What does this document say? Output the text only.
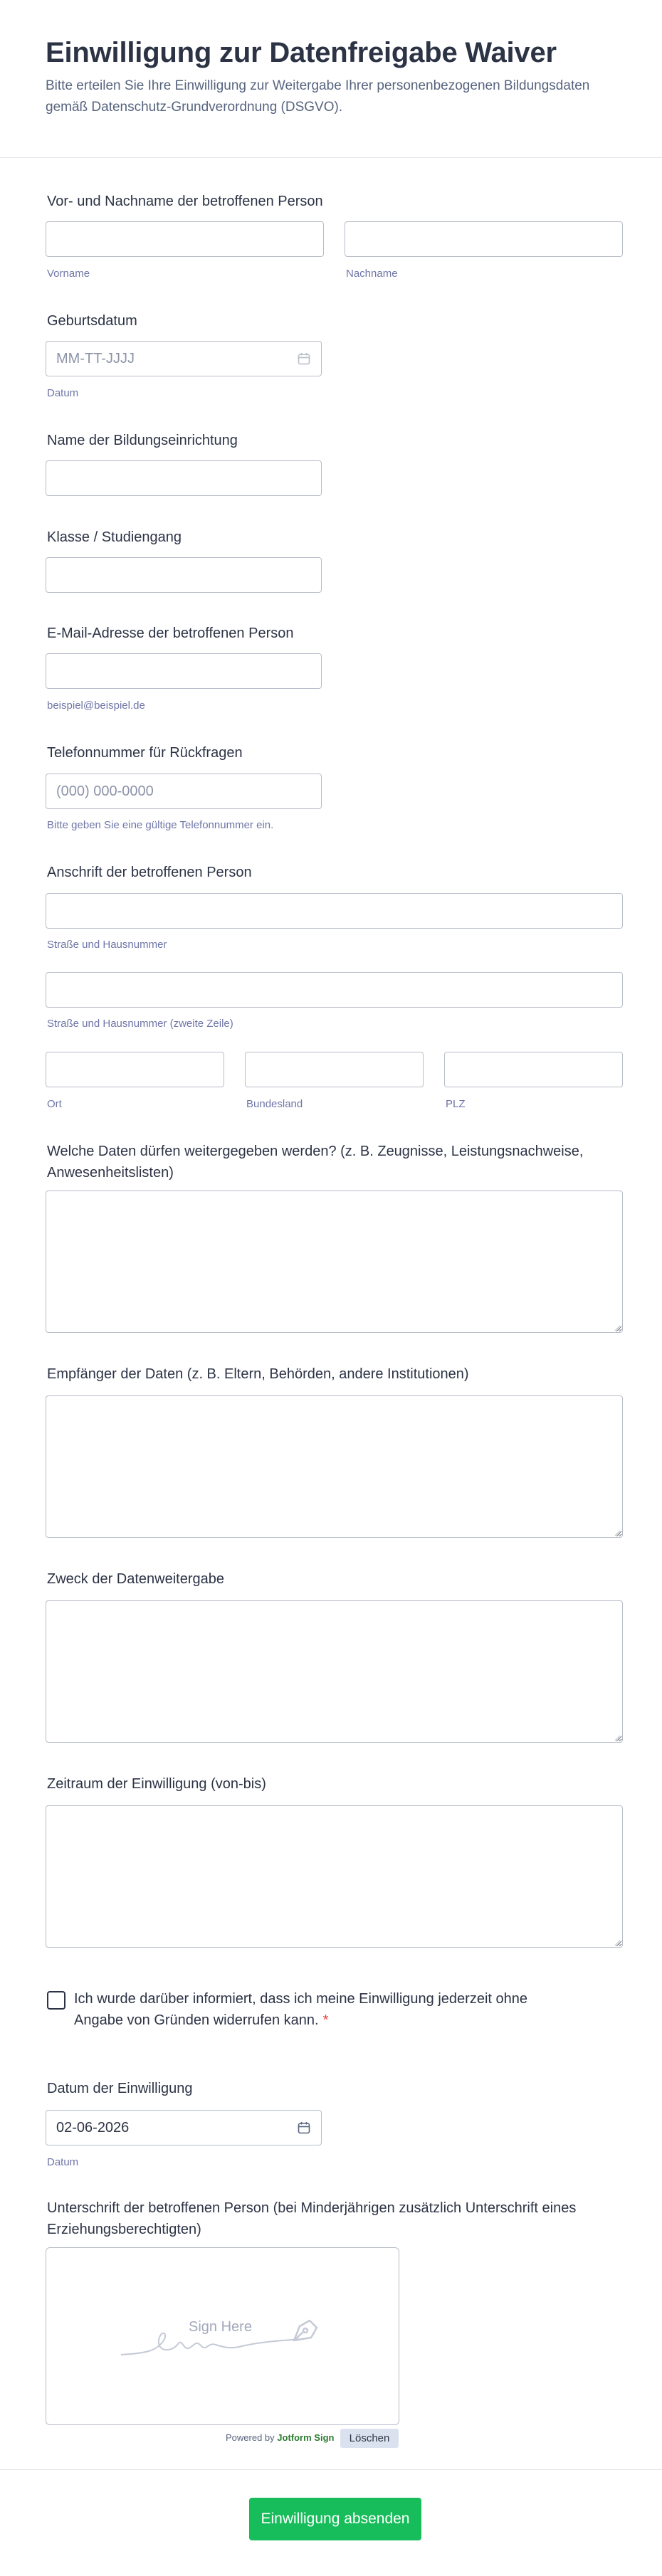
Einwilligung zur Datenfreigabe Waiver

Bitte erteilen Sie Ihre Einwilligung zur Weitergabe Ihrer personenbezogenen Bildungsdaten gemäß Datenschutz-Grundverordnung (DSGVO).

Vor- und Nachname der betroffenen Person
Vorname	Nachname
Geburtsdatum
MM-TT-JJJJ
Datum
Name der Bildungseinrichtung
Klasse / Studiengang
E-Mail-Adresse der betroffenen Person
beispiel@beispiel.de
Telefonnummer für Rückfragen
(000) 000-0000
Bitte geben Sie eine gültige Telefonnummer ein.
Anschrift der betroffenen Person
Straße und Hausnummer
Straße und Hausnummer (zweite Zeile)
Ort	Bundesland	PLZ
Welche Daten dürfen weitergegeben werden? (z. B. Zeugnisse, Leistungsnachweise, Anwesenheitslisten)
Empfänger der Daten (z. B. Eltern, Behörden, andere Institutionen)
Zweck der Datenweitergabe
Zeitraum der Einwilligung (von-bis)
Ich wurde darüber informiert, dass ich meine Einwilligung jederzeit ohne Angabe von Gründen widerrufen kann. *
Datum der Einwilligung
02-06-2026
Datum
Unterschrift der betroffenen Person (bei Minderjährigen zusätzlich Unterschrift eines Erziehungsberechtigten)
Sign Here
Powered by Jotform Sign	Löschen
Einwilligung absenden
